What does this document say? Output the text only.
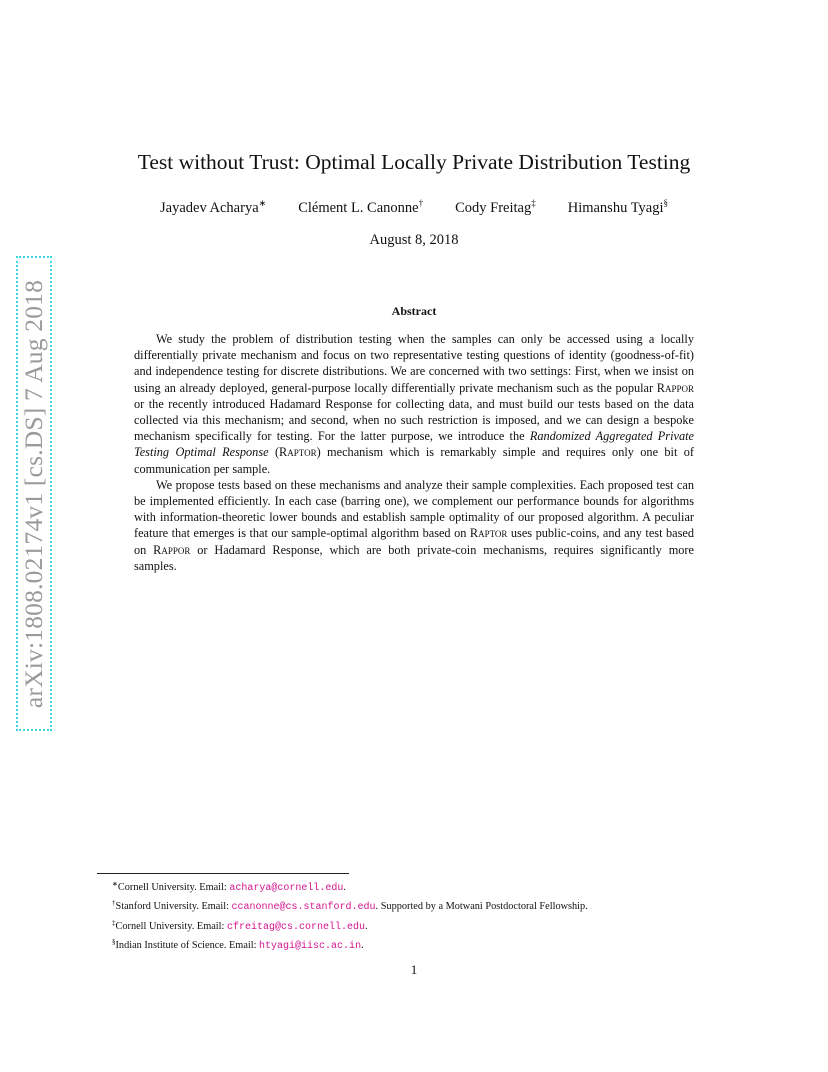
arXiv:1808.02174v1 [cs.DS] 7 Aug 2018
Test without Trust: Optimal Locally Private Distribution Testing
Jayadev Acharya∗ Clément L. Canonne† Cody Freitag‡ Himanshu Tyagi§
August 8, 2018
Abstract

We study the problem of distribution testing when the samples can only be accessed using a locally differentially private mechanism and focus on two representative testing questions of identity (goodness-of-fit) and independence testing for discrete distributions. We are concerned with two settings: First, when we insist on using an already deployed, general-purpose locally differentially private mechanism such as the popular Rappor or the recently introduced Hadamard Response for collecting data, and must build our tests based on the data collected via this mechanism; and second, when no such restriction is imposed, and we can design a bespoke mechanism specifically for testing. For the latter purpose, we introduce the Randomized Aggregated Private Testing Optimal Response (Raptor) mechanism which is remarkably simple and requires only one bit of communication per sample.

We propose tests based on these mechanisms and analyze their sample complexities. Each proposed test can be implemented efficiently. In each case (barring one), we complement our performance bounds for algorithms with information-theoretic lower bounds and establish sample optimality of our proposed algorithm. A peculiar feature that emerges is that our sample-optimal algorithm based on Raptor uses public-coins, and any test based on Rappor or Hadamard Response, which are both private-coin mechanisms, requires significantly more samples.

∗Cornell University. Email: acharya@cornell.edu.
†Stanford University. Email: ccanonne@cs.stanford.edu. Supported by a Motwani Postdoctoral Fellowship.
‡Cornell University. Email: cfreitag@cs.cornell.edu.
§Indian Institute of Science. Email: htyagi@iisc.ac.in.
1
